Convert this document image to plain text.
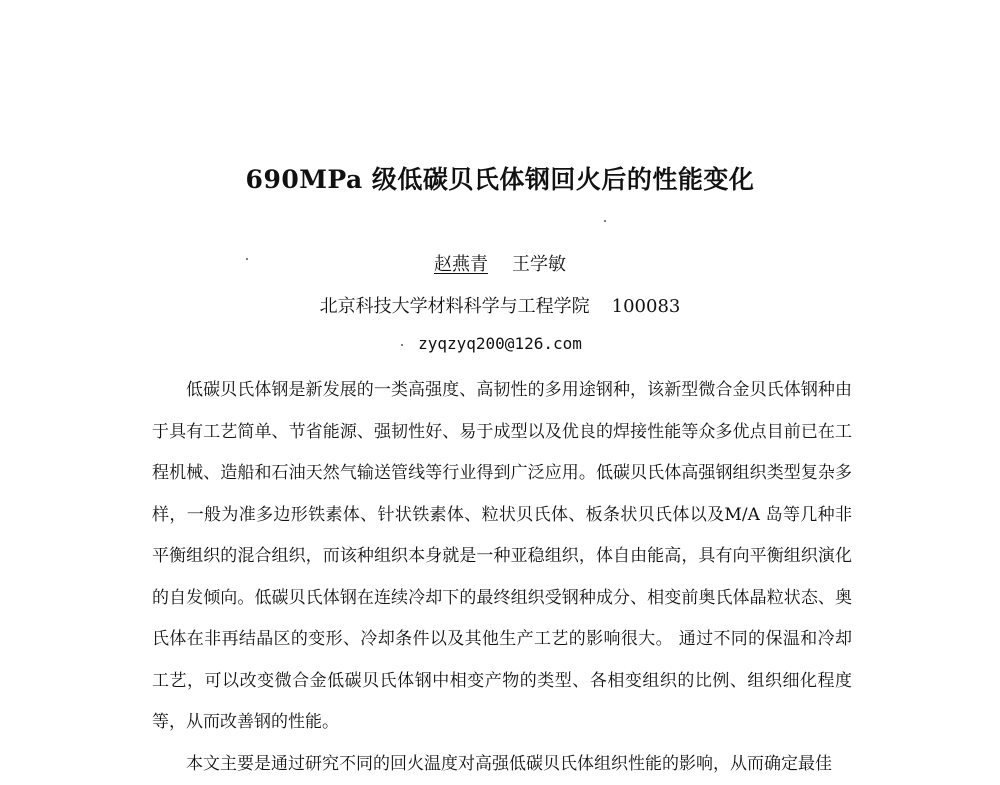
690MPa 级低碳贝氏体钢回火后的性能变化
赵燕青 王学敏
北京科技大学材料科学与工程学院 100083
zyqzyq200@126.com

低碳贝氏体钢是新发展的一类高强度、高韧性的多用途钢种，该新型微合金贝氏体钢种由于具有工艺简单、节省能源、强韧性好、易于成型以及优良的焊接性能等众多优点目前已在工程机械、造船和石油天然气输送管线等行业得到广泛应用。低碳贝氏体高强钢组织类型复杂多样，一般为准多边形铁素体、针状铁素体、粒状贝氏体、板条状贝氏体以及M/A 岛等几种非平衡组织的混合组织，而该种组织本身就是一种亚稳组织，体自由能高，具有向平衡组织演化的自发倾向。低碳贝氏体钢在连续冷却下的最终组织受钢种成分、相变前奥氏体晶粒状态、奥氏体在非再结晶区的变形、冷却条件以及其他生产工艺的影响很大。 通过不同的保温和冷却工艺，可以改变微合金低碳贝氏体钢中相变产物的类型、各相变组织的比例、组织细化程度等，从而改善钢的性能。

本文主要是通过研究不同的回火温度对高强低碳贝氏体组织性能的影响，从而确定最佳
